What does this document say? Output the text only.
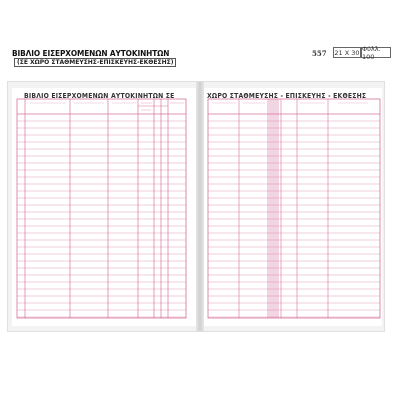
ΒΙΒΛΙΟ ΕΙΣΕΡΧΟΜΕΝΩΝ ΑΥΤΟΚΙΝΗΤΩΝ
(ΣΕ ΧΩΡΟ ΣΤΑΘΜΕΥΣΗΣ-ΕΠΙΣΚΕΥΗΣ-ΕΚΘΕΣΗΣ)
557 21 X 30 Φύλλ. 100
ΒΙΒΛΙΟ ΕΙΣΕΡΧΟΜΕΝΩΝ ΑΥΤΟΚΙΝΗΤΩΝ ΣΕ	ΧΩΡΟ ΣΤΑΘΜΕΥΣΗΣ - ΕΠΙΣΚΕΥΗΣ - ΕΚΘΕΣΗΣ
